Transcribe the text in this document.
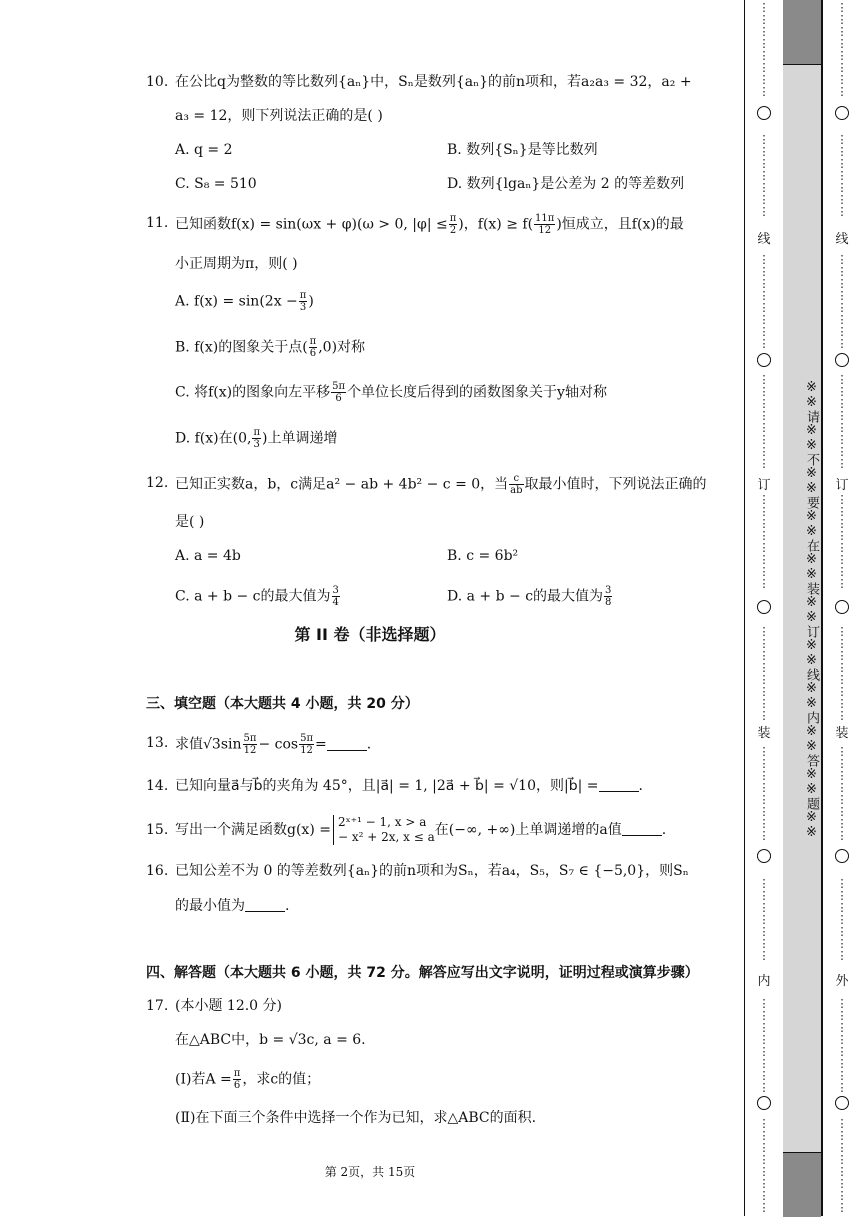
10. 在公比q为整数的等比数列{aₙ}中，Sₙ是数列{aₙ}的前n项和，若a₂a₃ = 32，a₂ +
a₃ = 12，则下列说法正确的是( )
A. q = 2	B. 数列{Sₙ}是等比数列
C. S₈ = 510	D. 数列{lgaₙ}是公差为 2 的等差数列
11. 已知函数f(x) = sin(ωx + φ)(ω > 0, $|\varphi| \le \frac{\pi}{2}$ )，$f(x) \ge f( \frac{11\pi}{12}$ )恒成立，且f(x)的最
小正周期为π，则( )
A. $f(x) = \sin(2x - \frac{\pi}{3}$ )
B. f(x)的图象关于点( $\frac{\pi}{6} ,0$)对称
C. 将f(x)的图象向左平移 $\frac{5\pi}{6}$ 个单位长度后得到的函数图象关于y轴对称
D. f(x)在(0, $\frac{\pi}{3}$ )上单调递增
12. 已知正实数a，b，c满足a² − ab + 4b² − c = 0，当 $\frac{c}{ab}$ 取最小值时，下列说法正确的
是( )
A. a = 4b	B. c = 6b²
C. a + b − c的最大值为 $\frac{3}{4}$	D. a + b − c的最大值为 $\frac{3}{8}$
第 II 卷（非选择题）
三、填空题（本大题共 4 小题，共 20 分）
13. 求值$√3\sin \frac{5\pi}{12} - \cos \frac{5\pi}{12}$ =	.
14. 已知向量a⃗与b⃗的夹角为 45°，且|a⃗| = 1, |2a⃗ + b⃗| = √10，则|b⃗| =	.
15. 写出一个满足函数g(x) = 2ˣ⁺¹ − 1, x > a
− x² + 2x, x ≤ a 在(−∞, +∞)上单调递增的a值	.
16. 已知公差不为 0 的等差数列{aₙ}的前n项和为Sₙ，若a₄，S₅，S₇ ∈ {−5,0}，则Sₙ
的最小值为	.
四、解答题（本大题共 6 小题，共 72 分。解答应写出文字说明，证明过程或演算步骤）
17. (本小题 12.0 分)
在△ABC中，b = √3c, a = 6.
(Ⅰ)若$A = \frac{\pi}{6}$ ，求c的值；
(Ⅱ)在下面三个条件中选择一个作为已知，求△ABC的面积.
第 2页，共 15页
⋮
⋮
⋮
⋮
⋮
⋮
⋮
⋮
⋮
⋮
⋮
⋮
⋮
⋮
⋮
⋮
⋮
⋮
⋮
⋮
⋮
⋮
⋮
⋮
⋮
⋮
⋮
⋮
⋮
⋮
⋮
⋮
⋮
⋮
⋮
⋮
⋮
⋮
⋮
⋮
⋮
⋮
⋮
⋮
⋮
⋮
⋮
⋮
⋮
⋮
⋮
⋮
⋮
⋮
⋮
⋮
⋮
⋮
⋮
⋮
⋮
⋮
⋮
⋮
⋮
⋮
⋮
⋮
⋮
⋮
⋮
⋮
⋮
⋮
⋮
⋮
⋮
⋮
⋮
⋮
⋮
⋮
⋮
⋮
⋮
⋮
⋮
⋮
⋮
⋮
⋮
⋮
⋮
⋮
⋮
⋮
⋮
⋮
⋮
⋮
⋮
⋮
⋮
⋮
⋮
⋮
⋮
⋮
⋮
⋮
⋮
⋮
⋮
⋮
⋮
⋮
⋮
⋮
⋮
⋮
⋮
⋮
⋮
⋮
⋮
⋮
⋮
⋮
⋮
⋮
⋮
⋮
⋮
⋮
⋮
⋮
⋮
⋮
⋮
⋮
⋮
⋮
⋮
⋮
⋮
⋮
⋮
⋮
⋮
⋮
⋮
⋮
⋮
⋮
⋮
⋮
线
订
装
内
线
订
装
外
※※请※※不※※要※※在※※装※※订※※线※※内※※答※※题※※
